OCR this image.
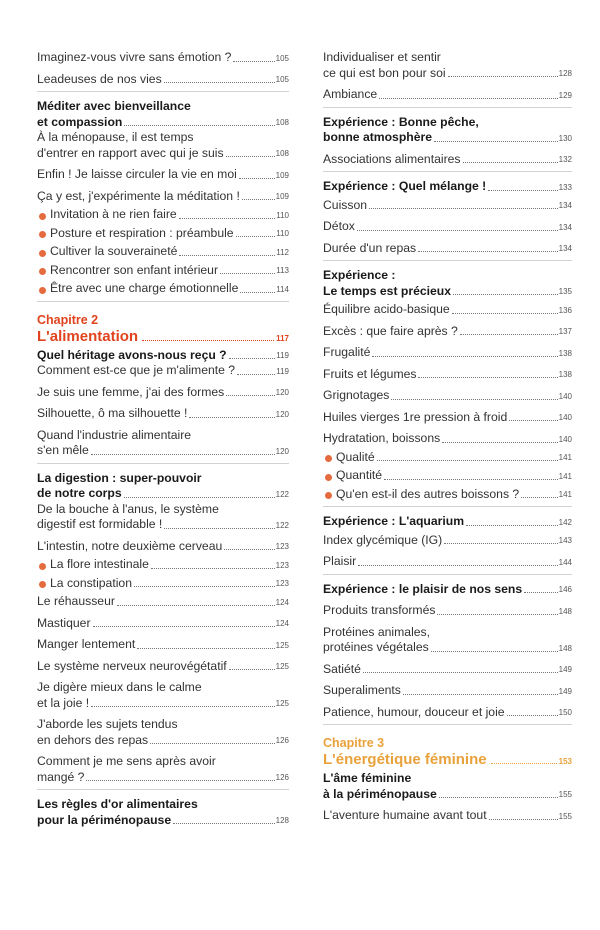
Imaginez-vous vivre sans émotion ?	105
Leadeuses de nos vies	105
Méditer avec bienveillance
et compassion	108
À la ménopause, il est temps
d'entrer en rapport avec qui je suis	108
Enfin ! Je laisse circuler la vie en moi	109
Ça y est, j'expérimente la méditation !	109
Invitation à ne rien faire	110
Posture et respiration : préambule	110
Cultiver la souveraineté	112
Rencontrer son enfant intérieur	113
Être avec une charge émotionnelle	114
Chapitre 2
L'alimentation	117
Quel héritage avons-nous reçu ?	119
Comment est-ce que je m'alimente ?	119
Je suis une femme, j'ai des formes	120
Silhouette, ô ma silhouette !	120
Quand l'industrie alimentaire
s'en mêle	120
La digestion : super-pouvoir
de notre corps	122
De la bouche à l'anus, le système
digestif est formidable !	122
L'intestin, notre deuxième cerveau	123
La flore intestinale	123
La constipation	123
Le réhausseur	124
Mastiquer	124
Manger lentement	125
Le système nerveux neurovégétatif	125
Je digère mieux dans le calme
et la joie !	125
J'aborde les sujets tendus
en dehors des repas	126
Comment je me sens après avoir
mangé ?	126
Les règles d'or alimentaires
pour la périménopause	128
Individualiser et sentir
ce qui est bon pour soi	128
Ambiance	129
Expérience : Bonne pêche,
bonne atmosphère	130
Associations alimentaires	132
Expérience : Quel mélange !	133
Cuisson	134
Détox	134
Durée d'un repas	134
Expérience :
Le temps est précieux	135
Équilibre acido-basique	136
Excès : que faire après ?	137
Frugalité	138
Fruits et légumes	138
Grignotages	140
Huiles vierges 1re pression à froid	140
Hydratation, boissons	140
Qualité	141
Quantité	141
Qu'en est-il des autres boissons ?	141
Expérience : L'aquarium	142
Index glycémique (IG)	143
Plaisir	144
Expérience : le plaisir de nos sens	146
Produits transformés	148
Protéines animales,
protéines végétales	148
Satiété	149
Superaliments	149
Patience, humour, douceur et joie	150
Chapitre 3
L'énergétique féminine	153
L'âme féminine
à la périménopause	155
L'aventure humaine avant tout	155
